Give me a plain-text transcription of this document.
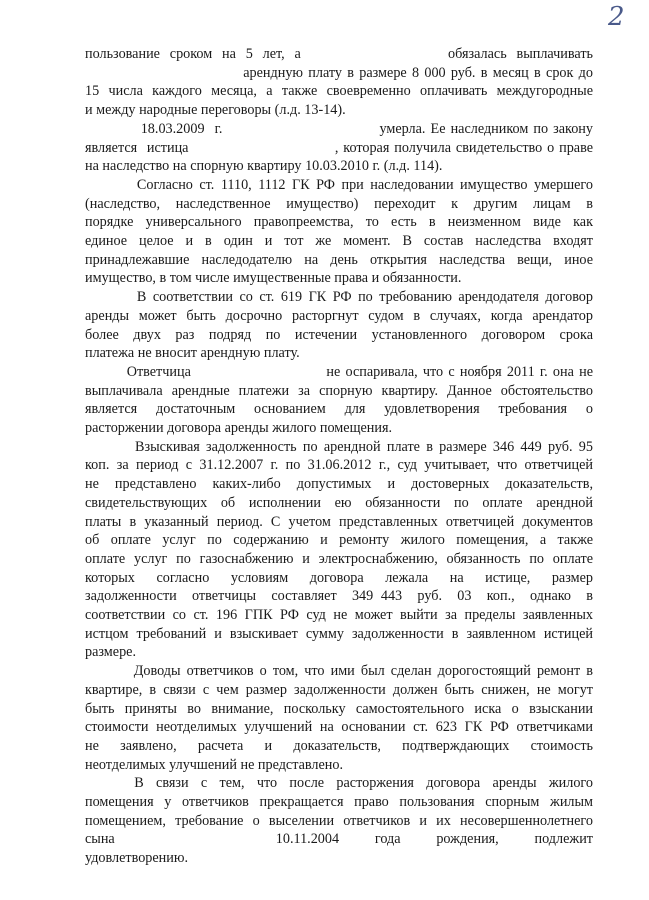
2
пользование  сроком  на  5  лет,  а                              обязалась  выплачивать
арендную плату в размере 8 000 руб. в месяц в срок до
15 числа каждого месяца, а также своевременно оплачивать междугородные
и между народные переговоры (л.д. 13-14).
18.03.2009  г.                               умерла. Ее наследником по закону
является  истица                              , которая получила свидетельство о праве
на наследство на спорную квартиру 10.03.2010 г. (л.д. 114).
Согласно ст. 1110, 1112 ГК РФ при наследовании имущество умершего
(наследство,  наследственное  имущество)  переходит  к  другим  лицам  в
порядке  универсального  правопреемства,  то  есть  в  неизменном  виде  как
единое  целое  и  в  один  и  тот  же  момент.  В  состав  наследства  входят
принадлежавшие наследодателю на день открытия наследства вещи, иное
имущество, в том числе имущественные права и обязанности.
В соответствии со ст. 619 ГК РФ по требованию арендодателя договор
аренды может быть досрочно расторгнут судом в случаях, когда арендатор
более  двух  раз  подряд  по  истечении  установленного  договором  срока
платежа не вносит арендную плату.
Ответчица                          не оспаривала, что с ноября 2011 г. она не
выплачивала арендные платежи за спорную квартиру. Данное обстоятельство
является  достаточным  основанием  для  удовлетворения  требования  о
расторжении договора аренды жилого помещения.
Взыскивая задолженность по арендной плате в размере 346 449 руб. 95
коп. за период с 31.12.2007 г. по 31.06.2012 г., суд учитывает, что ответчицей
не  представлено  каких-либо  допустимых  и  достоверных  доказательств,
свидетельствующих  об  исполнении  ею  обязанности  по  оплате  арендной
платы в указанный период. С учетом представленных ответчицей документов
об  оплате  услуг  по  содержанию  и  ремонту  жилого  помещения,  а  также
оплате услуг по газоснабжению и электроснабжению, обязанность по оплате
которых  согласно  условиям  договора  лежала  на  истице,  размер
задолженности  ответчицы  составляет  349 443  руб.  03  коп.,  однако  в
соответствии со ст. 196 ГПК РФ суд не может выйти за пределы заявленных
истцом требований и взыскивает сумму задолженности в заявленном истицей
размере.
Доводы ответчиков о том, что ими был сделан дорогостоящий ремонт в
квартире, в связи с чем размер задолженности должен быть снижен, не могут
быть  приняты  во  внимание,  поскольку  самостоятельного  иска  о  взыскании
стоимости неотделимых улучшений на основании ст. 623 ГК РФ ответчиками
не  заявлено,  расчета  и  доказательств,  подтверждающих  стоимость
неотделимых улучшений не представлено.
В  связи  с  тем,  что  после  расторжения  договора  аренды  жилого
помещения у ответчиков прекращается право пользования спорным жилым
помещением, требование о выселении ответчиков и их несовершеннолетнего
сына                                    10.11.2004        года        рождения,        подлежит
удовлетворению.
